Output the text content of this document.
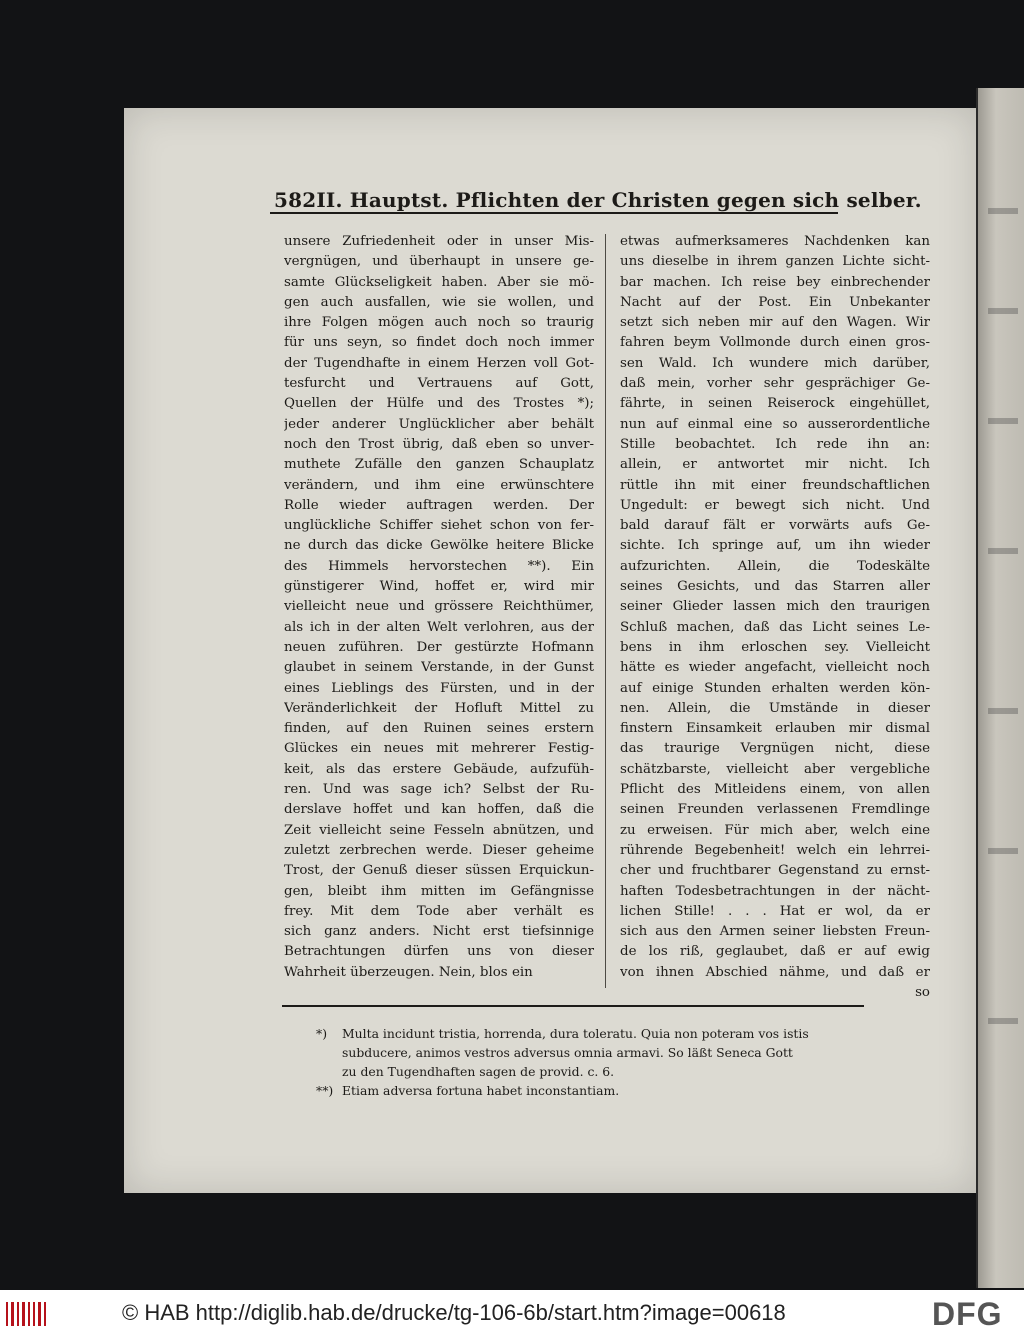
582 II. Hauptst. Pflichten der Christen gegen sich selber.
unsere Zufriedenheit oder in unser Mis-
vergnügen, und überhaupt in unsere ge-
samte Glückseligkeit haben. Aber sie mö-
gen auch ausfallen, wie sie wollen, und
ihre Folgen mögen auch noch so traurig
für uns seyn, so findet doch noch immer
der Tugendhafte in einem Herzen voll Got-
tesfurcht und Vertrauens auf Gott,
Quellen der Hülfe und des Trostes *);
jeder anderer Unglücklicher aber behält
noch den Trost übrig, daß eben so unver-
muthete Zufälle den ganzen Schauplatz
verändern, und ihm eine erwünschtere
Rolle wieder auftragen werden. Der
unglückliche Schiffer siehet schon von fer-
ne durch das dicke Gewölke heitere Blicke
des Himmels hervorstechen **). Ein
günstigerer Wind, hoffet er, wird mir
vielleicht neue und grössere Reichthümer,
als ich in der alten Welt verlohren, aus der
neuen zuführen. Der gestürzte Hofmann
glaubet in seinem Verstande, in der Gunst
eines Lieblings des Fürsten, und in der
Veränderlichkeit der Hofluft Mittel zu
finden, auf den Ruinen seines erstern
Glückes ein neues mit mehrerer Festig-
keit, als das erstere Gebäude, aufzufüh-
ren. Und was sage ich? Selbst der Ru-
derslave hoffet und kan hoffen, daß die
Zeit vielleicht seine Fesseln abnützen, und
zuletzt zerbrechen werde. Dieser geheime
Trost, der Genuß dieser süssen Erquickun-
gen, bleibt ihm mitten im Gefängnisse
frey. Mit dem Tode aber verhält es
sich ganz anders. Nicht erst tiefsinnige
Betrachtungen dürfen uns von dieser
Wahrheit überzeugen. Nein, blos ein
etwas aufmerksameres Nachdenken kan
uns dieselbe in ihrem ganzen Lichte sicht-
bar machen. Ich reise bey einbrechender
Nacht auf der Post. Ein Unbekanter
setzt sich neben mir auf den Wagen. Wir
fahren beym Vollmonde durch einen gros-
sen Wald. Ich wundere mich darüber,
daß mein, vorher sehr gesprächiger Ge-
fährte, in seinen Reiserock eingehüllet,
nun auf einmal eine so ausserordentliche
Stille beobachtet. Ich rede ihn an:
allein, er antwortet mir nicht. Ich
rüttle ihn mit einer freundschaftlichen
Ungedult: er bewegt sich nicht. Und
bald darauf fält er vorwärts aufs Ge-
sichte. Ich springe auf, um ihn wieder
aufzurichten. Allein, die Todeskälte
seines Gesichts, und das Starren aller
seiner Glieder lassen mich den traurigen
Schluß machen, daß das Licht seines Le-
bens in ihm erloschen sey. Vielleicht
hätte es wieder angefacht, vielleicht noch
auf einige Stunden erhalten werden kön-
nen. Allein, die Umstände in dieser
finstern Einsamkeit erlauben mir dismal
das traurige Vergnügen nicht, diese
schätzbarste, vielleicht aber vergebliche
Pflicht des Mitleidens einem, von allen
seinen Freunden verlassenen Fremdlinge
zu erweisen. Für mich aber, welch eine
rührende Begebenheit! welch ein lehrrei-
cher und fruchtbarer Gegenstand zu ernst-
haften Todesbetrachtungen in der nächt-
lichen Stille! . . . Hat er wol, da er
sich aus den Armen seiner liebsten Freun-
de los riß, geglaubet, daß er auf ewig
von ihnen Abschied nähme, und daß er
so
*) Multa incidunt tristia, horrenda, dura toleratu. Quia non poteram vos istis
subducere, animos vestros adversus omnia armavi. So läßt Seneca Gott
zu den Tugendhaften sagen de provid. c. 6.
**) Etiam adversa fortuna habet inconstantiam.
© HAB http://diglib.hab.de/drucke/tg-106-6b/start.htm?image=00618	DFG
